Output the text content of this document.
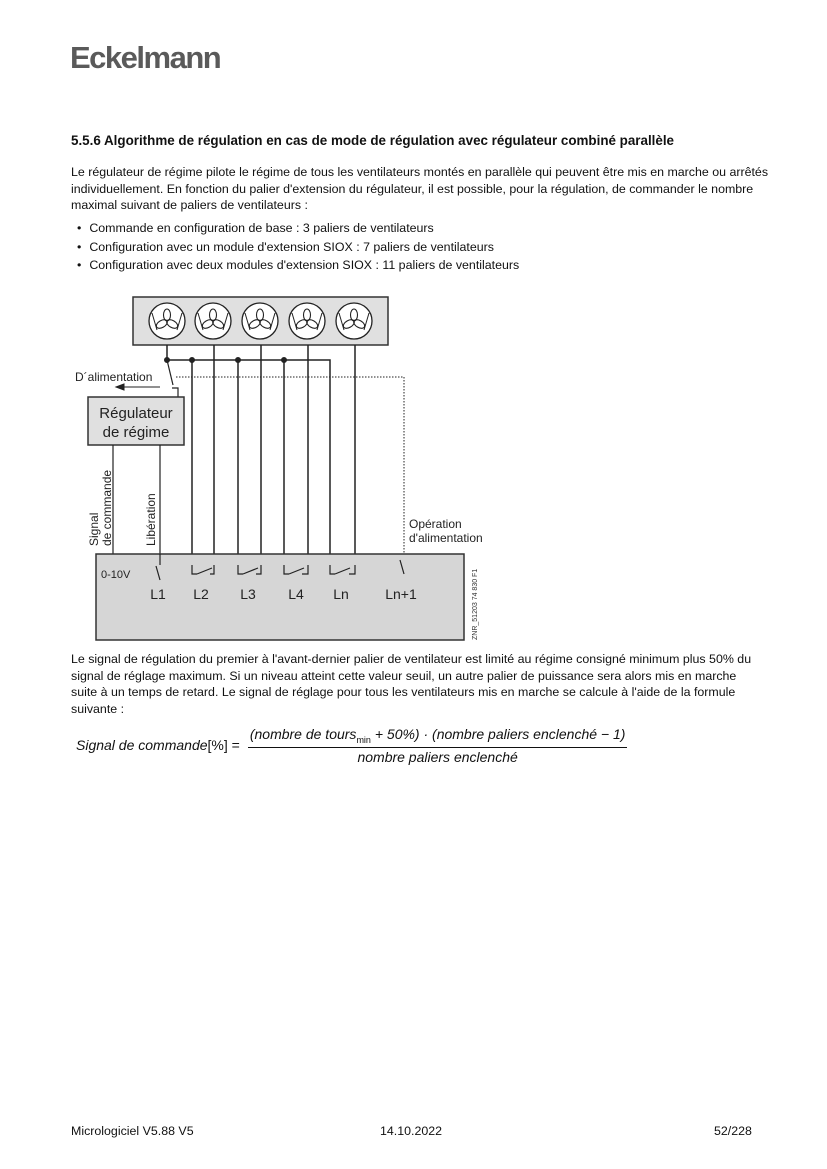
Eckelmann
5.5.6 Algorithme de régulation en cas de mode de régulation avec régulateur combiné parallèle

Le régulateur de régime pilote le régime de tous les ventilateurs montés en parallèle qui peuvent être mis en marche ou arrêtés individuellement. En fonction du palier d'extension du régulateur, il est possible, pour la régulation, de commander le nombre maximal suivant de paliers de ventilateurs :

• Commande en configuration de base : 3 paliers de ventilateurs
• Configuration avec un module d'extension SIOX : 7 paliers de ventilateurs
• Configuration avec deux modules d'extension SIOX : 11 paliers de ventilateurs
D´alimentation
Régulateur
de régime
Signal de commande	Libération	Opération
d'alimentation
0-10V
L1 L2 L3 L4 Ln	Ln+1	ZNR_51203 74 830 F1

Le signal de régulation du premier à l'avant-dernier palier de ventilateur est limité au régime consigné minimum plus 50% du signal de réglage maximum. Si un niveau atteint cette valeur seuil, un autre palier de puissance sera alors mis en marche suite à un temps de retard. Le signal de réglage pour tous les ventilateurs mis en marche se calcule à l'aide de la formule suivante :

Signal de commande [%] = $\frac{(nombre de tours_{min} + 50\%) \cdot (nombre paliers enclenché - 1)}{\text{nombre paliers enclenché}}$
Micrologiciel V5.88 V5	14.10.2022	52/228
